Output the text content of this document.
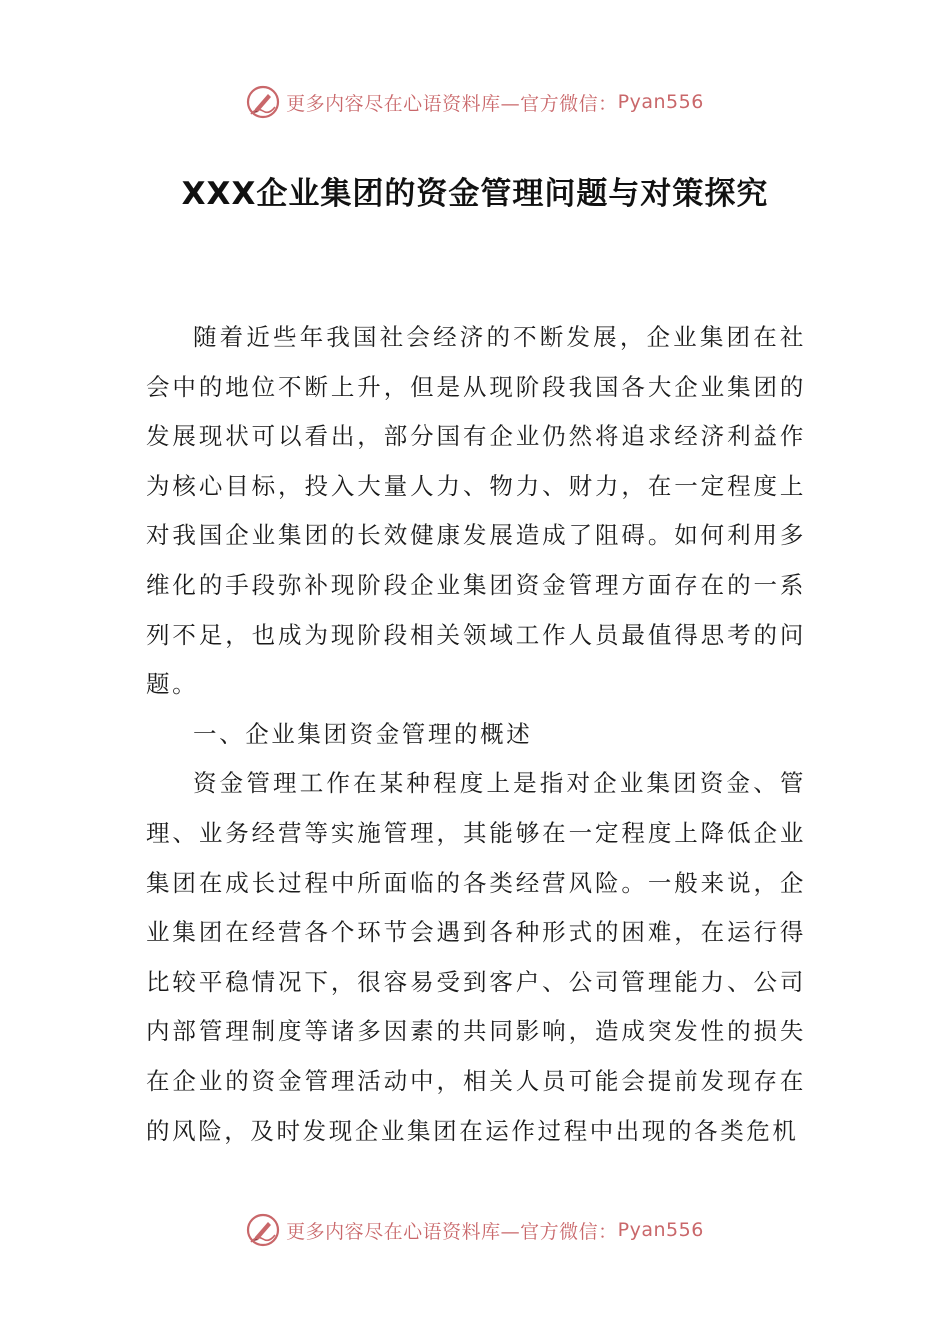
更多内容尽在心语资料库—官方微信： Pyan556
XXX企业集团的资金管理问题与对策探究

随着近些年我国社会经济的不断发展，企业集团在社会中的地位不断上升，但是从现阶段我国各大企业集团的发展现状可以看出，部分国有企业仍然将追求经济利益作为核心目标，投入大量人力、物力、财力，在一定程度上对我国企业集团的长效健康发展造成了阻碍。如何利用多维化的手段弥补现阶段企业集团资金管理方面存在的一系列不足，也成为现阶段相关领域工作人员最值得思考的问题。

一、企业集团资金管理的概述

资金管理工作在某种程度上是指对企业集团资金、管理、业务经营等实施管理，其能够在一定程度上降低企业集团在成长过程中所面临的各类经营风险。一般来说，企业集团在经营各个环节会遇到各种形式的困难，在运行得比较平稳情况下，很容易受到客户、公司管理能力、公司内部管理制度等诸多因素的共同影响，造成突发性的损失在企业的资金管理活动中，相关人员可能会提前发现存在的风险，及时发现企业集团在运作过程中出现的各类危机

更多内容尽在心语资料库—官方微信： Pyan556
